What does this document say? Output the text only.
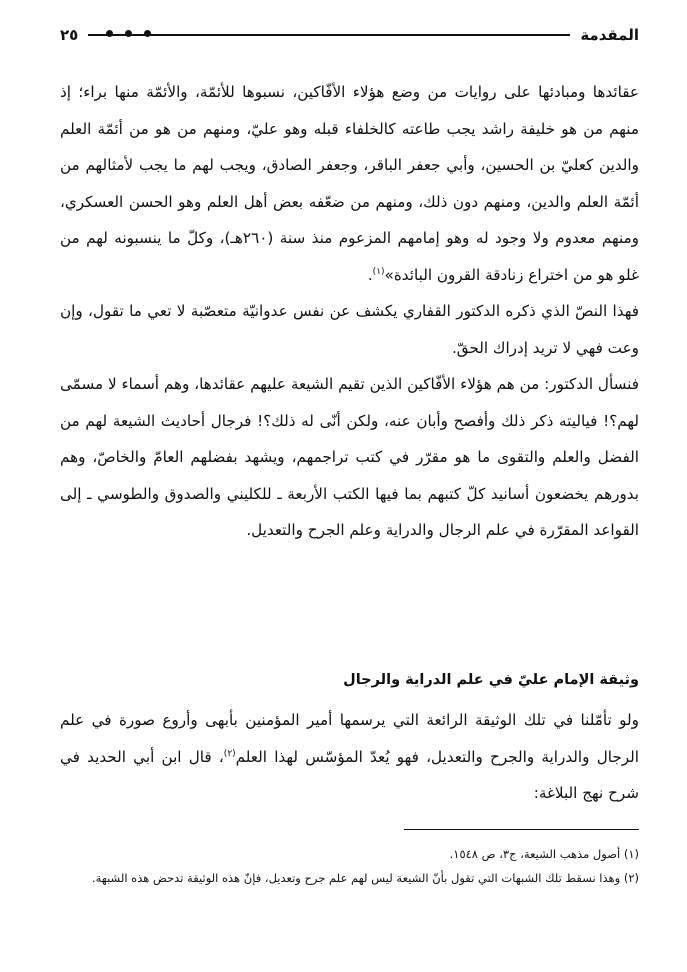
المقدمة
٢٥

عقائدها ومبادئها على روايات من وضع هؤلاء الأفّاكين، نسبوها للأئمّة، والأئمّة منها براء؛ إذ منهم من هو خليفة راشد يجب طاعته كالخلفاء قبله وهو عليّ، ومنهم من هو من أئمّة العلم والدين كعليّ بن الحسين، وأبي جعفر الباقر، وجعفر الصادق، ويجب لهم ما يجب لأمثالهم من أئمّة العلم والدين، ومنهم دون ذلك، ومنهم من ضعّفه بعض أهل العلم وهو الحسن العسكري، ومنهم معدوم ولا وجود له وهو إمامهم المزعوم منذ سنة (٢٦٠هـ)، وكلّ ما ينسبونه لهم من غلو هو من اختراع زنادقة القرون البائدة»$^{(١)}$.

فهذا النصّ الذي ذكره الدكتور القفاري يكشف عن نفس عدوانيّة متعصّبة لا تعي ما تقول، وإن وعت فهي لا تريد إدراك الحقّ.

فنسأل الدكتور: من هم هؤلاء الأفّاكين الذين تقيم الشيعة عليهم عقائدها، وهم أسماء لا مسمّى لهم؟! فياليته ذكر ذلك وأفصح وأبان عنه، ولكن أنّى له ذلك؟! فرجال أحاديث الشيعة لهم من الفضل والعلم والتقوى ما هو مقرّر في كتب تراجمهم، ويشهد بفضلهم العامّ والخاصّ، وهم بدورهم يخضعون أسانيد كلّ كتبهم بما فيها الكتب الأربعة ـ للكليني والصدوق والطوسي ـ إلى القواعد المقرّرة في علم الرجال والدراية وعلم الجرح والتعديل.

وثيقة الإمام عليّ في علم الدراية والرجال

ولو تأمّلنا في تلك الوثيقة الرائعة التي يرسمها أمير المؤمنين بأبهى وأروع صورة في علم الرجال والدراية والجرح والتعديل، فهو يُعدّ المؤسّس لهذا العلم$^{(٢)}$، قال ابن أبي الحديد في شرح نهج البلاغة:

(١) أصول مذهب الشيعة، ج٣، ص ١٥٤٨.

(٢) وهذا نسقط تلك الشبهات التي تقول بأنّ الشيعة ليس لهم علم جرح وتعديل، فإنّ هذه الوثيقة تدحض هذه الشبهة.
